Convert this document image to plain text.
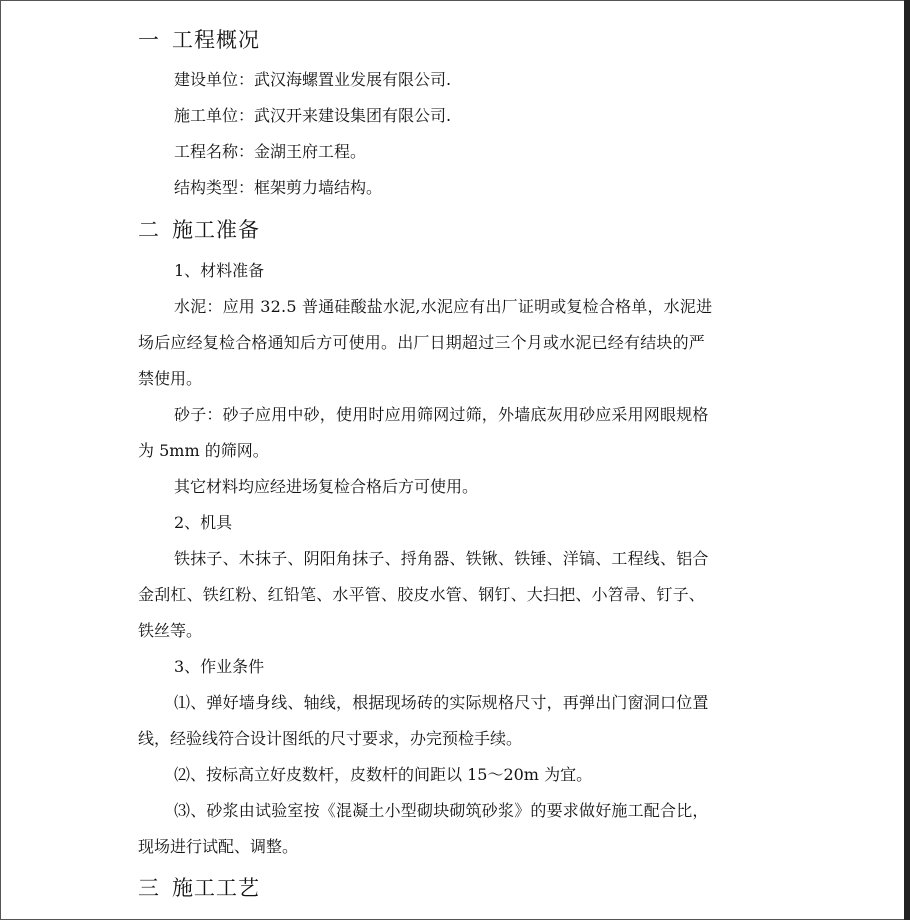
一 工程概况
建设单位：武汉海螺置业发展有限公司.
施工单位：武汉开来建设集团有限公司.
工程名称：金湖王府工程。
结构类型：框架剪力墙结构。
二 施工准备
1、材料准备
水泥：应用 32.5 普通硅酸盐水泥,水泥应有出厂证明或复检合格单，水泥进
场后应经复检合格通知后方可使用。出厂日期超过三个月或水泥已经有结块的严
禁使用。
砂子：砂子应用中砂，使用时应用筛网过筛，外墙底灰用砂应采用网眼规格
为 5mm 的筛网。
其它材料均应经进场复检合格后方可使用。
2、机具
铁抹子、木抹子、阴阳角抹子、捋角器、铁锹、铁锤、洋镐、工程线、铝合
金刮杠、铁红粉、红铅笔、水平管、胶皮水管、钢钉、大扫把、小笤帚、钉子、
铁丝等。
3、作业条件
⑴、弹好墙身线、轴线，根据现场砖的实际规格尺寸，再弹出门窗洞口位置
线，经验线符合设计图纸的尺寸要求，办完预检手续。
⑵、按标高立好皮数杆，皮数杆的间距以 15～20m 为宜。
⑶、砂浆由试验室按《混凝土小型砌块砌筑砂浆》的要求做好施工配合比，
现场进行试配、调整。
三 施工工艺
